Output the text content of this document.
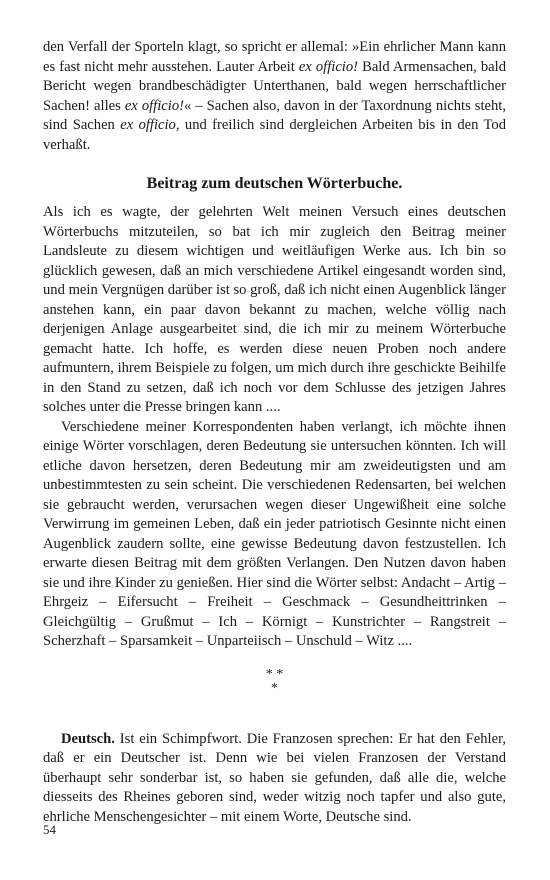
den Verfall der Sporteln klagt, so spricht er allemal: »Ein ehrlicher Mann kann es fast nicht mehr ausstehen. Lauter Arbeit ex officio! Bald Armensachen, bald Bericht wegen brandbeschädigter Unterthanen, bald wegen herrschaftlicher Sachen! alles ex officio!« – Sachen also, davon in der Taxordnung nichts steht, sind Sachen ex officio, und freilich sind dergleichen Arbeiten bis in den Tod verhaßt.

Beitrag zum deutschen Wörterbuche.

Als ich es wagte, der gelehrten Welt meinen Versuch eines deutschen Wörterbuchs mitzuteilen, so bat ich mir zugleich den Beitrag meiner Landsleute zu diesem wichtigen und weitläufigen Werke aus. Ich bin so glücklich gewesen, daß an mich verschiedene Artikel eingesandt worden sind, und mein Vergnügen darüber ist so groß, daß ich nicht einen Augenblick länger anstehen kann, ein paar davon bekannt zu machen, welche völlig nach derjenigen Anlage ausgearbeitet sind, die ich mir zu meinem Wörterbuche gemacht hatte. Ich hoffe, es werden diese neuen Proben noch andere aufmuntern, ihrem Beispiele zu folgen, um mich durch ihre geschickte Beihilfe in den Stand zu setzen, daß ich noch vor dem Schlusse des jetzigen Jahres solches unter die Presse bringen kann ....

Verschiedene meiner Korrespondenten haben verlangt, ich möchte ihnen einige Wörter vorschlagen, deren Bedeutung sie untersuchen könnten. Ich will etliche davon hersetzen, deren Bedeutung mir am zweideutigsten und am unbestimmtesten zu sein scheint. Die verschiedenen Redensarten, bei welchen sie gebraucht werden, verursachen wegen dieser Ungewißheit eine solche Verwirrung im gemeinen Leben, daß ein jeder patriotisch Gesinnte nicht einen Augenblick zaudern sollte, eine gewisse Bedeutung davon festzustellen. Ich erwarte diesen Beitrag mit dem größten Verlangen. Den Nutzen davon haben sie und ihre Kinder zu genießen. Hier sind die Wörter selbst: Andacht – Artig – Ehrgeiz – Eifersucht – Freiheit – Geschmack – Gesundheittrinken – Gleichgültig – Grußmut – Ich – Körnigt – Kunstrichter – Rangstreit – Scherzhaft – Sparsamkeit – Unparteiisch – Unschuld – Witz ....

* *
*

Deutsch. Ist ein Schimpfwort. Die Franzosen sprechen: Er hat den Fehler, daß er ein Deutscher ist. Denn wie bei vielen Franzosen der Verstand überhaupt sehr sonderbar ist, so haben sie gefunden, daß alle die, welche diesseits des Rheines geboren sind, weder witzig noch tapfer und also gute, ehrliche Menschengesichter – mit einem Worte, Deutsche sind.

54
